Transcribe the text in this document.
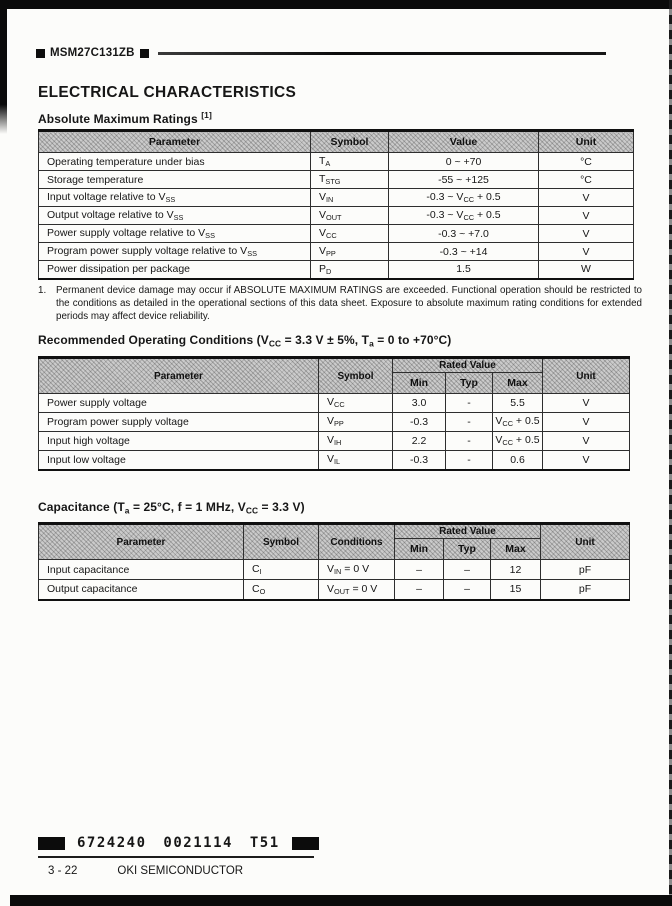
MSM27C131ZB
ELECTRICAL CHARACTERISTICS
Absolute Maximum Ratings [1]
Parameter	Symbol	Value	Unit
Operating temperature under bias	$T_A$	0 ~ +70	°C
Storage temperature	$T_{STG}$	-55 ~ +125	°C
Input voltage relative to $V_{SS}$	$V_{IN}$	-0.3 ~ $V_{CC} + 0.5$	V
Output voltage relative to $V_{SS}$	$V_{OUT}$	-0.3 ~ $V_{CC} + 0.5$	V
Power supply voltage relative to $V_{SS}$	$V_{CC}$	-0.3 ~ +7.0	V
Program power supply voltage relative to $V_{SS}$	$V_{PP}$	-0.3 ~ +14	V
Power dissipation per package	$P_D$	1.5	W
1.	Permanent device damage may occur if ABSOLUTE MAXIMUM RATINGS are exceeded. Functional operation should be restricted to the conditions as detailed in the operational sections of this data sheet. Exposure to absolute maximum rating conditions for extended periods may affect device reliability.
Recommended Operating Conditions ($V_{CC} = 3.3$ V ± 5%, $T_a = 0$ to +70°C)
Parameter	Symbol	Rated Value			Unit
		Min	Typ	Max	
Power supply voltage	$V_{CC}$	3.0	-	5.5	V
Program power supply voltage	$V_{PP}$	-0.3	-	$V_{CC} + 0.5$	V
Input high voltage	$V_{IH}$	2.2	-	$V_{CC} + 0.5$	V
Input low voltage	$V_{IL}$	-0.3	-	0.6	V
Capacitance ($T_a = 25^\circ C$, f = 1 MHz, $V_{CC} = 3.3$ V)
Parameter	Symbol	Conditions	Rated Value			Unit
			Min	Typ	Max	
Input capacitance	$C_I$	$V_{IN} = 0$ V	–	–	12	pF
Output capacitance	$C_O$	$V_{OUT} = 0$ V	–	–	15	pF
6724240 0021114 T51
3 - 22	OKI SEMICONDUCTOR
